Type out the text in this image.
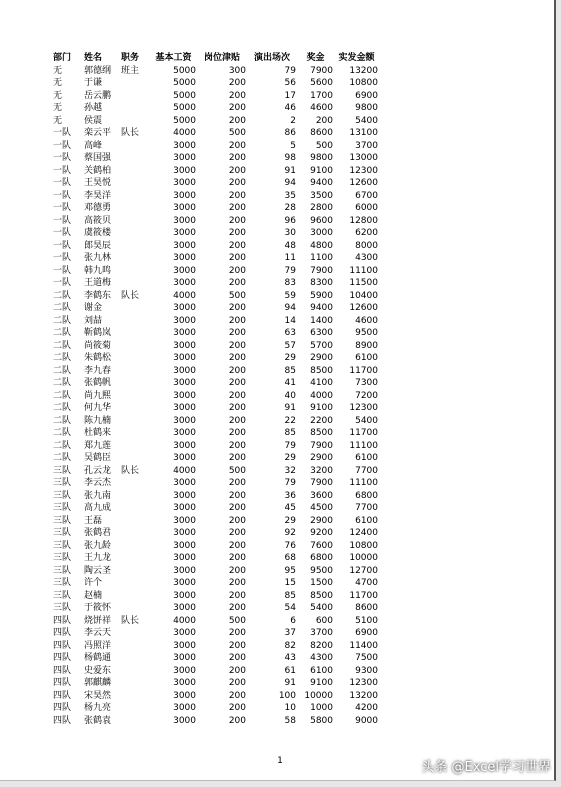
部门	姓名	职务	基本工资	岗位津贴	演出场次	奖金	实发金额
无	郭德纲	班主	5000	300	79	7900	13200
无	于谦		5000	200	56	5600	10800
无	岳云鹏		5000	200	17	1700	6900
无	孙越		5000	200	46	4600	9800
无	侯震		5000	200	2	200	5400
一队	栾云平	队长	4000	500	86	8600	13100
一队	高峰		3000	200	5	500	3700
一队	蔡国强		3000	200	98	9800	13000
一队	关鹤柏		3000	200	91	9100	12300
一队	王昊悦		3000	200	94	9400	12600
一队	李昊洋		3000	200	35	3500	6700
一队	邓德勇		3000	200	28	2800	6000
一队	高筱贝		3000	200	96	9600	12800
一队	虞筱楼		3000	200	30	3000	6200
一队	郎昊辰		3000	200	48	4800	8000
一队	张九林		3000	200	11	1100	4300
一队	韩九鸣		3000	200	79	7900	11100
一队	王道梅		3000	200	83	8300	11500
二队	李鹤东	队长	4000	500	59	5900	10400
二队	谢金		3000	200	94	9400	12600
二队	刘喆		3000	200	14	1400	4600
二队	靳鹤岚		3000	200	63	6300	9500
二队	尚筱菊		3000	200	57	5700	8900
二队	朱鹤松		3000	200	29	2900	6100
二队	李九春		3000	200	85	8500	11700
二队	张鹤帆		3000	200	41	4100	7300
二队	尚九熙		3000	200	40	4000	7200
二队	何九华		3000	200	91	9100	12300
二队	陈九楠		3000	200	22	2200	5400
二队	杜鹤来		3000	200	85	8500	11700
二队	郑九莲		3000	200	79	7900	11100
二队	吴鹤臣		3000	200	29	2900	6100
三队	孔云龙	队长	4000	500	32	3200	7700
三队	李云杰		3000	200	79	7900	11100
三队	张九南		3000	200	36	3600	6800
三队	高九成		3000	200	45	4500	7700
三队	王磊		3000	200	29	2900	6100
三队	张鹤君		3000	200	92	9200	12400
三队	张九龄		3000	200	76	7600	10800
三队	王九龙		3000	200	68	6800	10000
三队	陶云圣		3000	200	95	9500	12700
三队	许个		3000	200	15	1500	4700
三队	赵楠		3000	200	85	8500	11700
三队	于筱怀		3000	200	54	5400	8600
四队	烧饼祥	队长	4000	500	6	600	5100
四队	李云天		3000	200	37	3700	6900
四队	冯照洋		3000	200	82	8200	11400
四队	杨鹤通		3000	200	43	4300	7500
四队	史爱东		3000	200	61	6100	9300
四队	郭麒麟		3000	200	91	9100	12300
四队	宋昊然		3000	200	100	10000	13200
四队	杨九亮		3000	200	10	1000	4200
四队	张鹤袁		3000	200	58	5800	9000
1	头条 @Excel学习世界
